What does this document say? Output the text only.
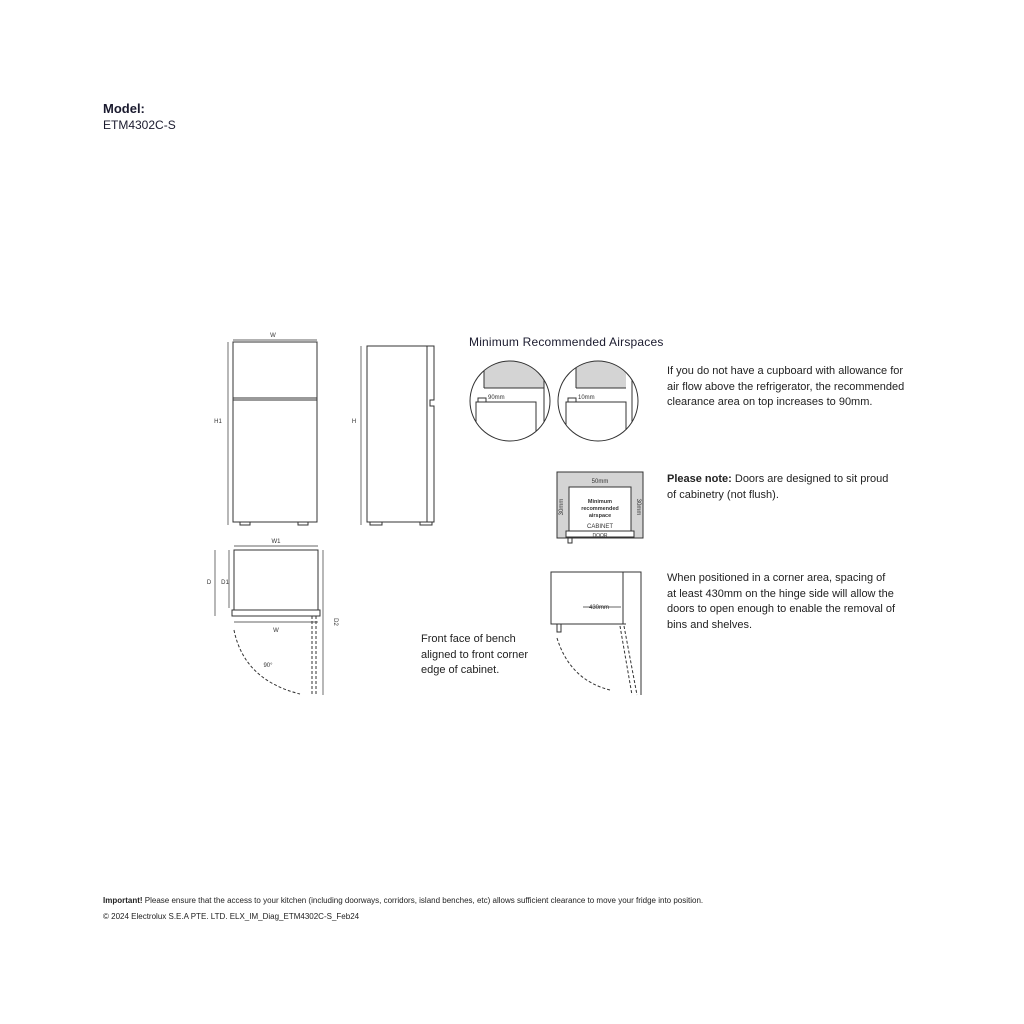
Model:
ETM4302C-S
W
H1	H
W1
D D1
D2
W
90°
90mm	10mm
50mm
30mm	30mm
Minimum
recommended
airspace
CABINET
DOOR
430mm
Minimum Recommended Airspaces
If you do not have a cupboard with allowance for air flow above the refrigerator, the recommended clearance area on top increases to 90mm.
Please note: Doors are designed to sit proud of cabinetry (not flush).
When positioned in a corner area, spacing of at least 430mm on the hinge side will allow the doors to open enough to enable the removal of bins and shelves.
Front face of bench aligned to front corner edge of cabinet.
Important! Please ensure that the access to your kitchen (including doorways, corridors, island benches, etc) allows sufficient clearance to move your fridge into position.
© 2024 Electrolux S.E.A PTE. LTD. ELX_IM_Diag_ETM4302C-S_Feb24
